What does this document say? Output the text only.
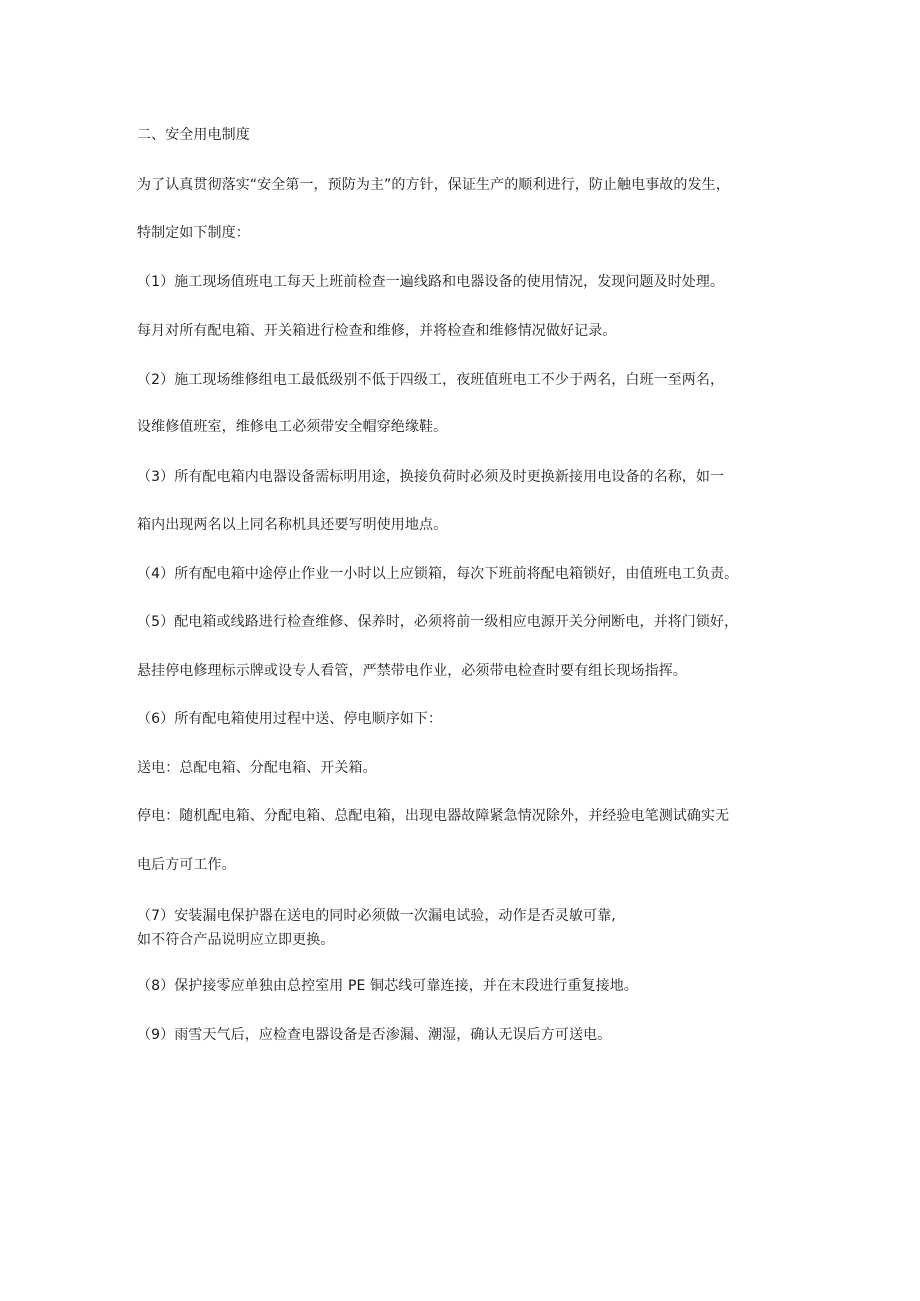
二、安全用电制度
为了认真贯彻落实“安全第一，预防为主”的方针，保证生产的顺利进行，防止触电事故的发生，
特制定如下制度：
（1）施工现场值班电工每天上班前检查一遍线路和电器设备的使用情况，发现问题及时处理。
每月对所有配电箱、开关箱进行检查和维修，并将检查和维修情况做好记录。
（2）施工现场维修组电工最低级别不低于四级工，夜班值班电工不少于两名，白班一至两名，
设维修值班室，维修电工必须带安全帽穿绝缘鞋。
（3）所有配电箱内电器设备需标明用途，换接负荷时必须及时更换新接用电设备的名称，如一
箱内出现两名以上同名称机具还要写明使用地点。
（4）所有配电箱中途停止作业一小时以上应锁箱，每次下班前将配电箱锁好，由值班电工负责。
（5）配电箱或线路进行检查维修、保养时，必须将前一级相应电源开关分闸断电，并将门锁好，
悬挂停电修理标示牌或设专人看管，严禁带电作业，必须带电检查时要有组长现场指挥。
（6）所有配电箱使用过程中送、停电顺序如下：
送电：总配电箱、分配电箱、开关箱。
停电：随机配电箱、分配电箱、总配电箱，出现电器故障紧急情况除外，并经验电笔测试确实无
电后方可工作。
（7）安装漏电保护器在送电的同时必须做一次漏电试验，动作是否灵敏可靠,
如不符合产品说明应立即更换。
（8）保护接零应单独由总控室用 PE 铜芯线可靠连接，并在末段进行重复接地。
（9）雨雪天气后，应检查电器设备是否渗漏、潮湿，确认无误后方可送电。
